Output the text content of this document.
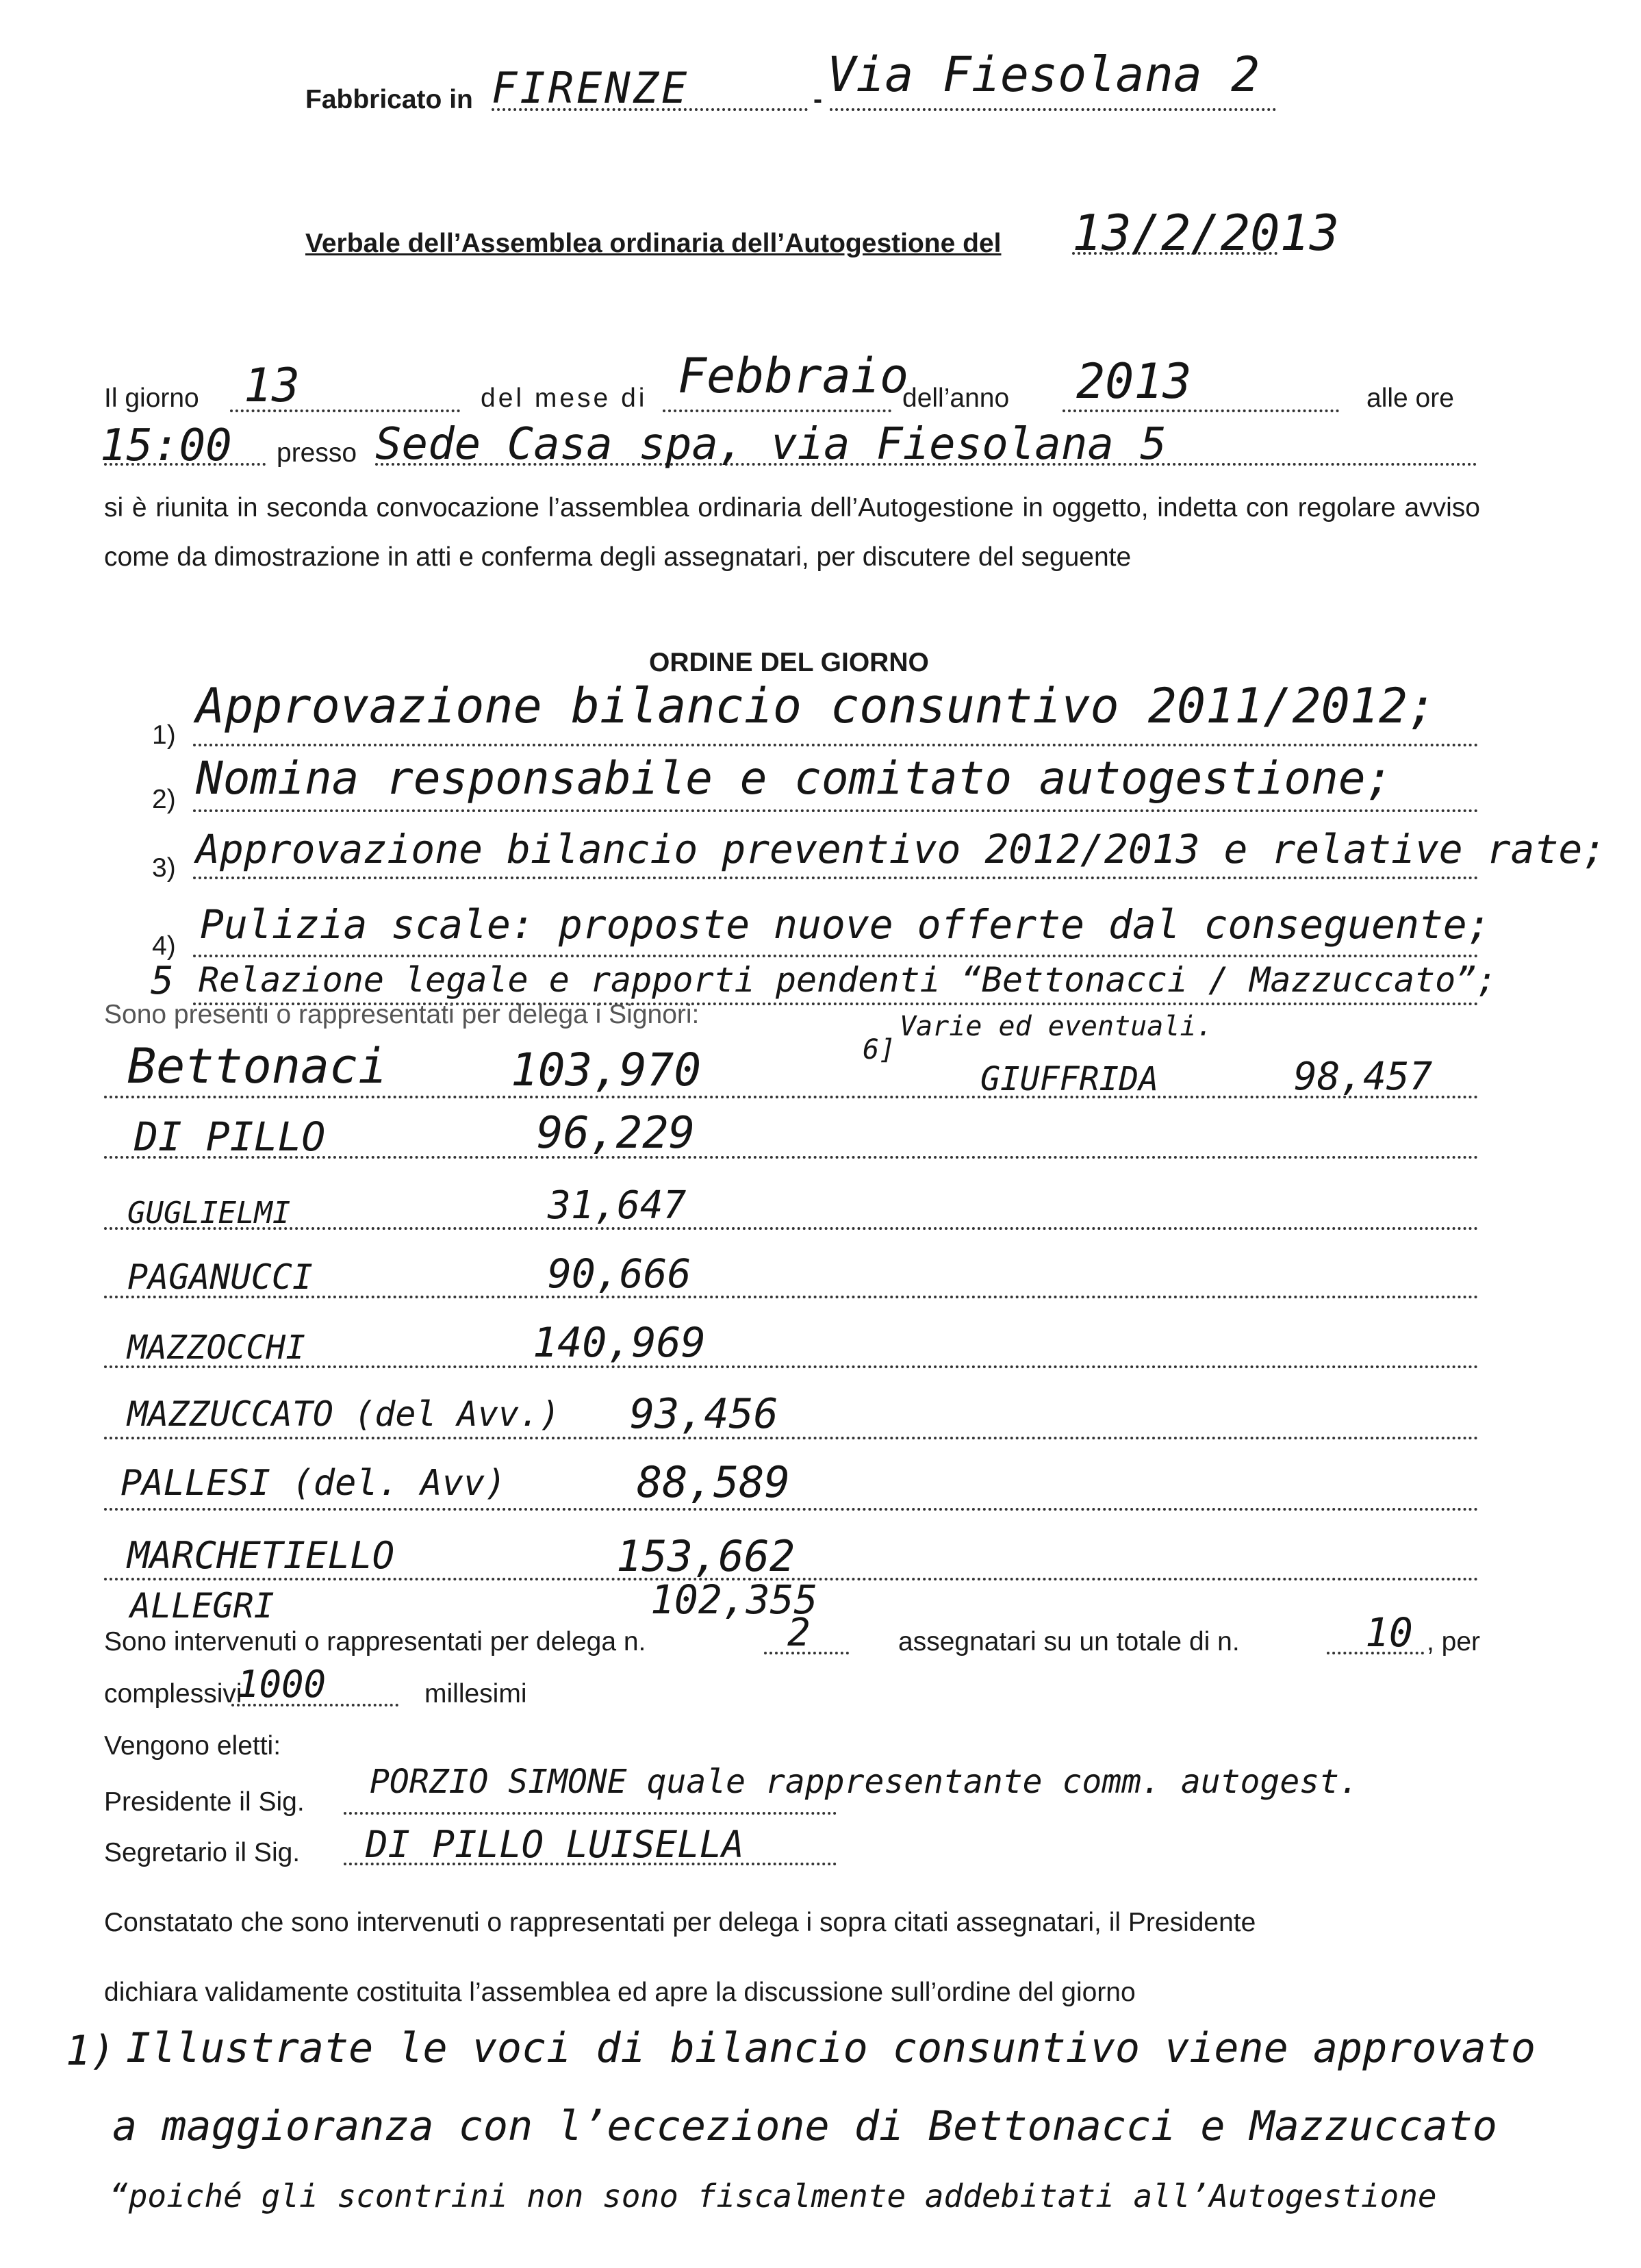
Fabbricato in FIRENZE	- Via Fiesolana 2
Verbale dell’Assemblea ordinaria dell’Autogestione del 13/2/2013
Il giorno 13	del mese di Febbraio
dell’anno 2013	alle ore
15:00 presso Sede Casa spa, via Fiesolana 5
si è riunita in seconda convocazione l’assemblea ordinaria dell’Autogestione in oggetto, indetta con regolare avviso come da dimostrazione in atti e conferma degli assegnatari, per discutere del seguente
ORDINE DEL GIORNO
1)
Approvazione bilancio consuntivo 2011/2012;
2) Nomina responsabile e comitato autogestione;
3) Approvazione bilancio preventivo 2012/2013 e relative rate;
4) Pulizia scale: proposte nuove offerte dal conseguente;
5 Relazione legale e rapporti pendenti “Bettonacci / Mazzuccato”;
Sono presenti o rappresentati per delega i Signori:
6]
Varie ed eventuali.
Bettonaci	103,970	GIUFFRIDA	98,457
DI PILLO	96,229
GUGLIELMI	31,647
PAGANUCCI	90,666
MAZZOCCHI	140,969
MAZZUCCATO (del Avv.) 93,456
PALLESI (del. Avv)	88,589
MARCHETIELLO	153,662
ALLEGRI	102,355
Sono intervenuti o rappresentati per delega n.	2	assegnatari su un totale di n.	10 , per
complessivi
1000	millesimi
Vengono eletti:
Presidente il Sig.
PORZIO SIMONE quale rappresentante comm. autogest.
Segretario il Sig. DI PILLO LUISELLA
Constatato che sono intervenuti o rappresentati per delega i sopra citati assegnatari, il Presidente
dichiara validamente costituita l’assemblea ed apre la discussione sull’ordine del giorno
1) Illustrate le voci di bilancio consuntivo viene approvato
a maggioranza con l’eccezione di Bettonacci e Mazzuccato
“poiché gli scontrini non sono fiscalmente addebitati all’Autogestione
